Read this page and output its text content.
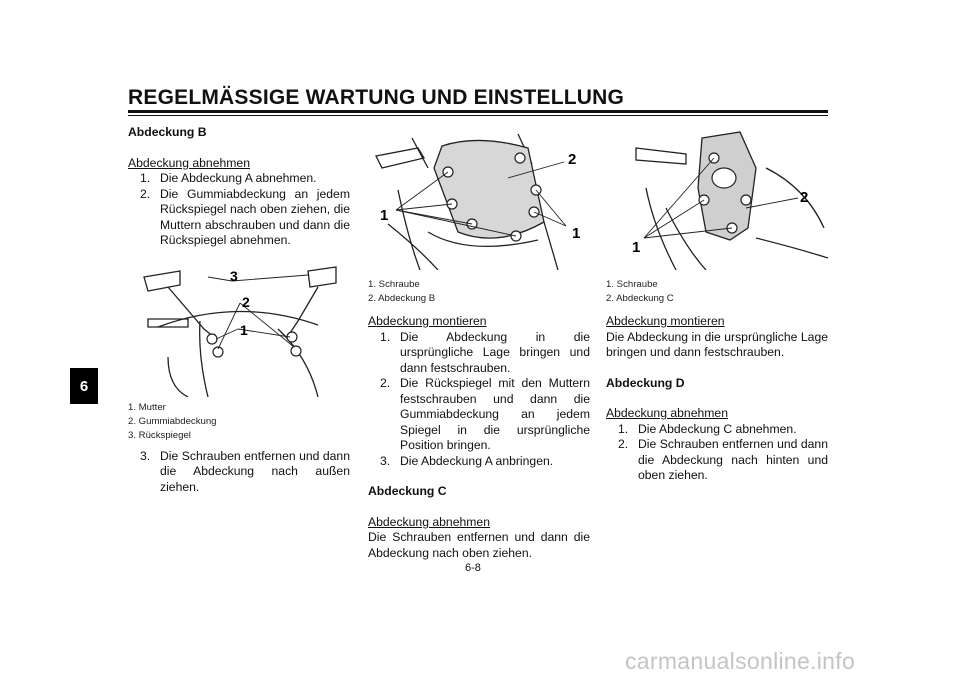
REGELMÄSSIGE WARTUNG UND EINSTELLUNG
6
Abdeckung B
Abdeckung abnehmen
1. Die Abdeckung A abnehmen.
2. Die Gummiabdeckung an jedem Rückspiegel nach oben ziehen, die Muttern abschrauben und dann die Rückspiegel abnehmen.
1
2
3
1. Mutter
2. Gummiabdeckung
3. Rückspiegel
3. Die Schrauben entfernen und dann die Abdeckung nach außen ziehen.
1
2
1
1. Schraube
2. Abdeckung B
Abdeckung montieren
1. Die Abdeckung in die ursprüngliche Lage bringen und dann festschrauben.
2. Die Rückspiegel mit den Muttern festschrauben und dann die Gummiabdeckung an jedem Spiegel in die ursprüngliche Position bringen.
3. Die Abdeckung A anbringen.
Abdeckung C
Abdeckung abnehmen
Die Schrauben entfernen und dann die Abdeckung nach oben ziehen.
2
1
1. Schraube
2. Abdeckung C
Abdeckung montieren
Die Abdeckung in die ursprüngliche Lage bringen und dann festschrauben.
Abdeckung D
Abdeckung abnehmen
1. Die Abdeckung C abnehmen.
2. Die Schrauben entfernen und dann die Abdeckung nach hinten und oben ziehen.
6-8
carmanualsonline.info
